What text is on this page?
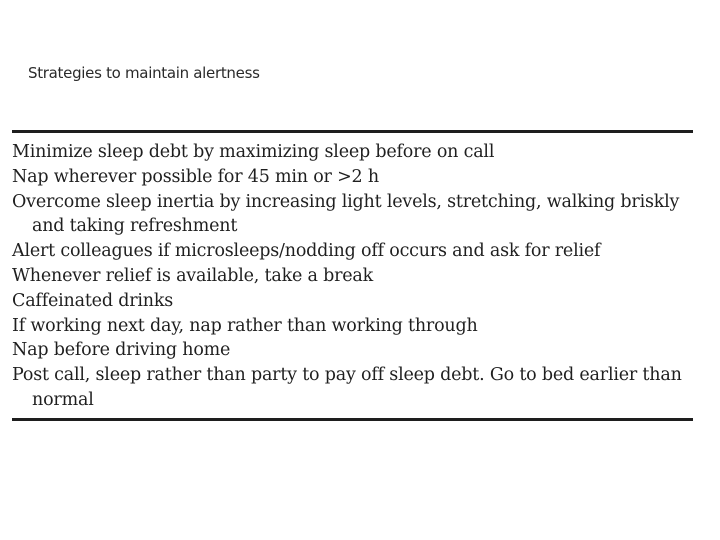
Strategies to maintain alertness
Minimize sleep debt by maximizing sleep before on call
Nap wherever possible for 45 min or >2 h
Overcome sleep inertia by increasing light levels, stretching, walking briskly and taking refreshment
Alert colleagues if microsleeps/nodding off occurs and ask for relief
Whenever relief is available, take a break
Caffeinated drinks
If working next day, nap rather than working through
Nap before driving home
Post call, sleep rather than party to pay off sleep debt. Go to bed earlier than normal
